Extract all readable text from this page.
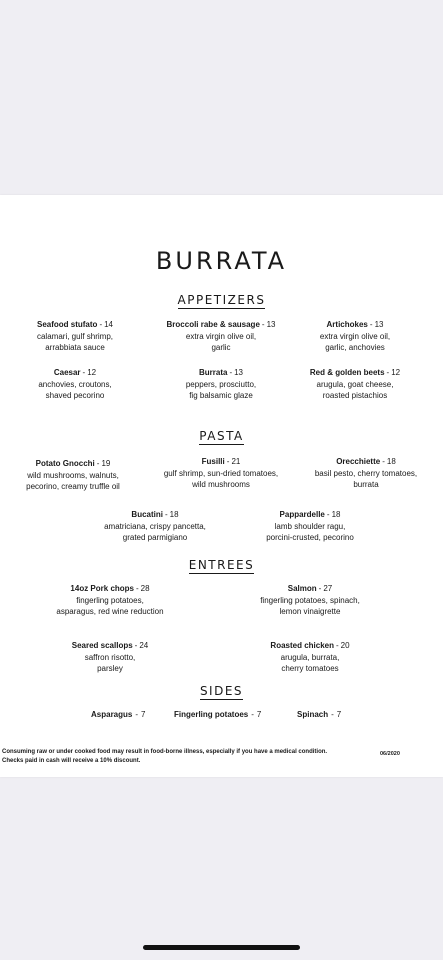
BURRATA
APPETIZERS
Seafood stufato - 14
calamari, gulf shrimp,
arrabbiata sauce
Broccoli rabe & sausage - 13
extra virgin olive oil,
garlic
Artichokes - 13
extra virgin olive oil,
garlic, anchovies
Caesar - 12
anchovies, croutons,
shaved pecorino
Burrata - 13
peppers, prosciutto,
fig balsamic glaze
Red & golden beets - 12
arugula, goat cheese,
roasted pistachios
PASTA
Potato Gnocchi - 19
wild mushrooms, walnuts,
pecorino, creamy truffle oil
Fusilli - 21
gulf shrimp, sun-dried tomatoes,
wild mushrooms
Orecchiette - 18
basil pesto, cherry tomatoes,
burrata
Bucatini - 18
amatriciana, crispy pancetta,
grated parmigiano
Pappardelle - 18
lamb shoulder ragu,
porcini-crusted, pecorino
ENTREES
14oz Pork chops - 28
fingerling potatoes,
asparagus, red wine reduction
Salmon - 27
fingerling potatoes, spinach,
lemon vinaigrette
Seared scallops - 24
saffron risotto,
parsley
Roasted chicken - 20
arugula, burrata,
cherry tomatoes
SIDES
Asparagus - 7	Fingerling potatoes - 7	Spinach - 7
Consuming raw or under cooked food may result in food-borne illness, especially if you have a medical condition.
Checks paid in cash will receive a 10% discount.
06/2020
